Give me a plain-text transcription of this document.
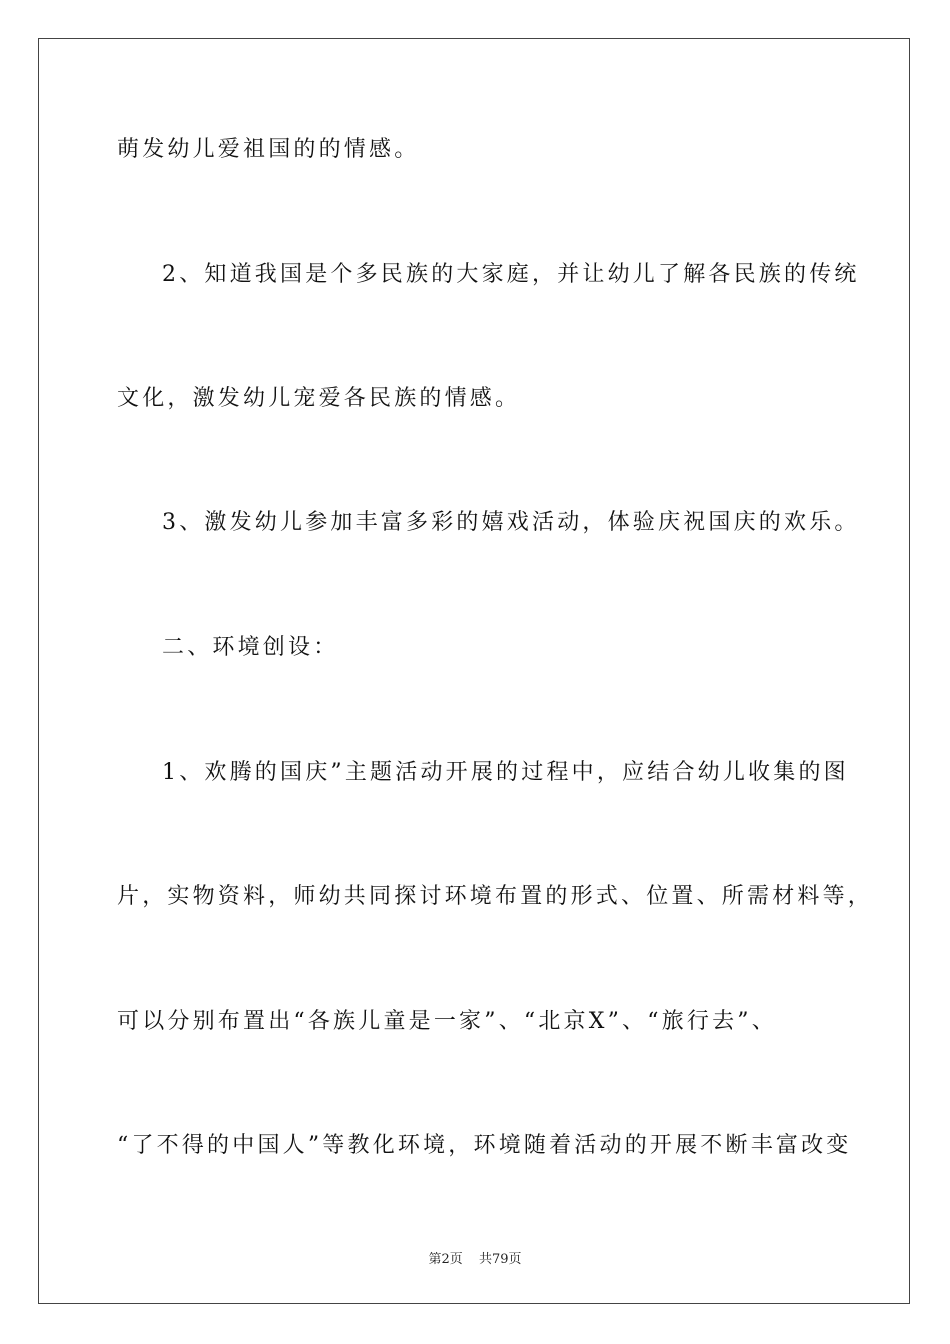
萌发幼儿爱祖国的的情感。
2、知道我国是个多民族的大家庭，并让幼儿了解各民族的传统
文化，激发幼儿宠爱各民族的情感。
3、激发幼儿参加丰富多彩的嬉戏活动，体验庆祝国庆的欢乐。
二、环境创设：
1、欢腾的国庆”主题活动开展的过程中，应结合幼儿收集的图
片，实物资料，师幼共同探讨环境布置的形式、位置、所需材料等，
可以分别布置出“各族儿童是一家”、“北京X”、“旅行去”、
“了不得的中国人”等教化环境，环境随着活动的开展不断丰富改变
第2页 共79页
